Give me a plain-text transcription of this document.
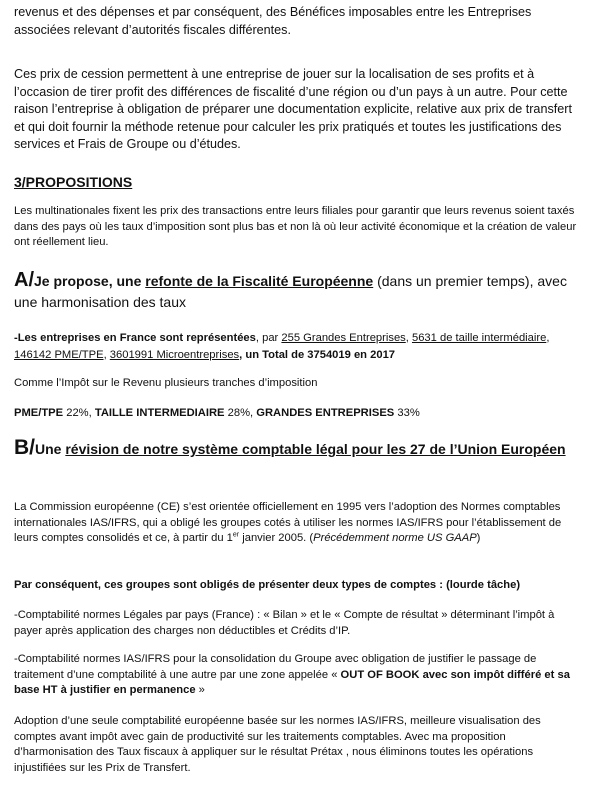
revenus et des dépenses et par conséquent, des Bénéfices imposables entre les Entreprises

associées relevant d’autorités fiscales différentes.

Ces prix de cession permettent à une entreprise de jouer sur la localisation de ses profits et à l’occasion de tirer profit des différences de fiscalité d’une région ou d’un pays à un autre. Pour cette raison l’entreprise à obligation de préparer une documentation explicite, relative aux prix de transfert et qui doit fournir la méthode retenue pour calculer les prix pratiqués et toutes les justifications des services et Frais de Groupe ou d’études.

3/PROPOSITIONS

Les multinationales fixent les prix des transactions entre leurs filiales pour garantir que leurs revenus soient taxés dans des pays où les taux d’imposition sont plus bas et non là où leur activité économique et la création de valeur ont réellement lieu.

A/Je propose, une refonte de la Fiscalité Européenne (dans un premier temps), avec une harmonisation des taux

-Les entreprises en France sont représentées, par 255 Grandes Entreprises, 5631 de taille intermédiaire, 146142 PME/TPE, 3601991 Microentreprises, un Total de 3754019 en 2017

Comme l’Impôt sur le Revenu plusieurs tranches d’imposition

PME/TPE 22%, TAILLE INTERMEDIAIRE 28%, GRANDES ENTREPRISES 33%

B/Une révision de notre système comptable légal pour les 27 de l’Union Européen

La Commission européenne (CE) s’est orientée officiellement en 1995 vers l’adoption des Normes comptables internationales IAS/IFRS, qui a obligé les groupes cotés à utiliser les normes IAS/IFRS pour l’établissement de leurs comptes consolidés et ce, à partir du 1er janvier 2005. (Précédemment norme US GAAP)

Par conséquent, ces groupes sont obligés de présenter deux types de comptes : (lourde tâche)

-Comptabilité normes Légales par pays (France) : « Bilan » et le « Compte de résultat » déterminant l’impôt à payer après application des charges non déductibles et Crédits d’IP.

-Comptabilité normes IAS/IFRS pour la consolidation du Groupe avec obligation de justifier le passage de traitement d’une comptabilité à une autre par une zone appelée « OUT OF BOOK avec son impôt différé et sa base HT à justifier en permanence »

Adoption d’une seule comptabilité européenne basée sur les normes IAS/IFRS, meilleure visualisation des comptes avant impôt avec gain de productivité sur les traitements comptables. Avec ma proposition d’harmonisation des Taux fiscaux à appliquer sur le résultat Prétax , nous éliminons toutes les opérations injustifiées sur les Prix de Transfert.
